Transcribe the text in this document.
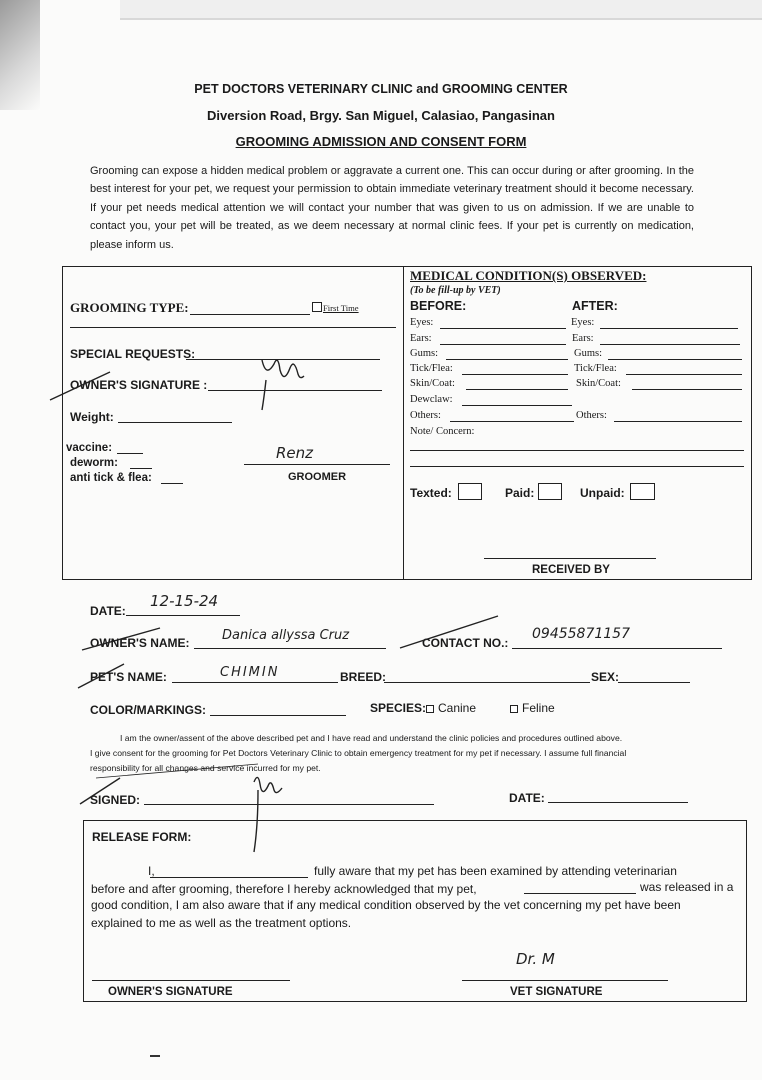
PET DOCTORS VETERINARY CLINIC and GROOMING CENTER
Diversion Road, Brgy. San Miguel, Calasiao, Pangasinan
GROOMING ADMISSION AND CONSENT FORM
Grooming can expose a hidden medical problem or aggravate a current one. This can occur during or after grooming. In the best interest for your pet, we request your permission to obtain immediate veterinary treatment should it become necessary. If your pet needs medical attention we will contact your number that was given to us on admission. If we are unable to contact you, your pet will be treated, as we deem necessary at normal clinic fees. If your pet is currently on medication, please inform us.
GROOMING TYPE:	First Time
SPECIAL REQUESTS:
OWNER'S SIGNATURE :
Weight:
vaccine:
deworm:
anti tick & flea:
Renz
GROOMER
MEDICAL CONDITION(S) OBSERVED:
(To be fill-up by VET)
BEFORE:	AFTER:
Eyes:	Eyes:
Ears:	Ears:
Gums:	Gums:
Tick/Flea:	Tick/Flea:
Skin/Coat:	Skin/Coat:
Dewclaw:
Others:	Others:
Note/ Concern:
Texted:	Paid:	Unpaid:
RECEIVED BY
DATE:
12-15-24
OWNER'S NAME: Danica allyssa Cruz	CONTACT NO.:
09455871157
PET'S NAME:	CHIMIN	BREED:	SEX:
COLOR/MARKINGS:	SPECIES: Canine	Feline
I am the owner/assent of the above described pet and I have read and understand the clinic policies and procedures outlined above.
I give consent for the grooming for Pet Doctors Veterinary Clinic to obtain emergency treatment for my pet if necessary. I assume full financial
responsibility for all changes and service incurred for my pet.
SIGNED:	DATE:
RELEASE FORM:
I,	fully aware that my pet has been examined by attending veterinarian
before and after grooming, therefore I hereby acknowledged that my pet,	was released in a
good condition, I am also aware that if any medical condition observed by the vet concerning my pet have been
explained to me as well as the treatment options.
OWNER'S SIGNATURE
Dr. M
VET SIGNATURE
